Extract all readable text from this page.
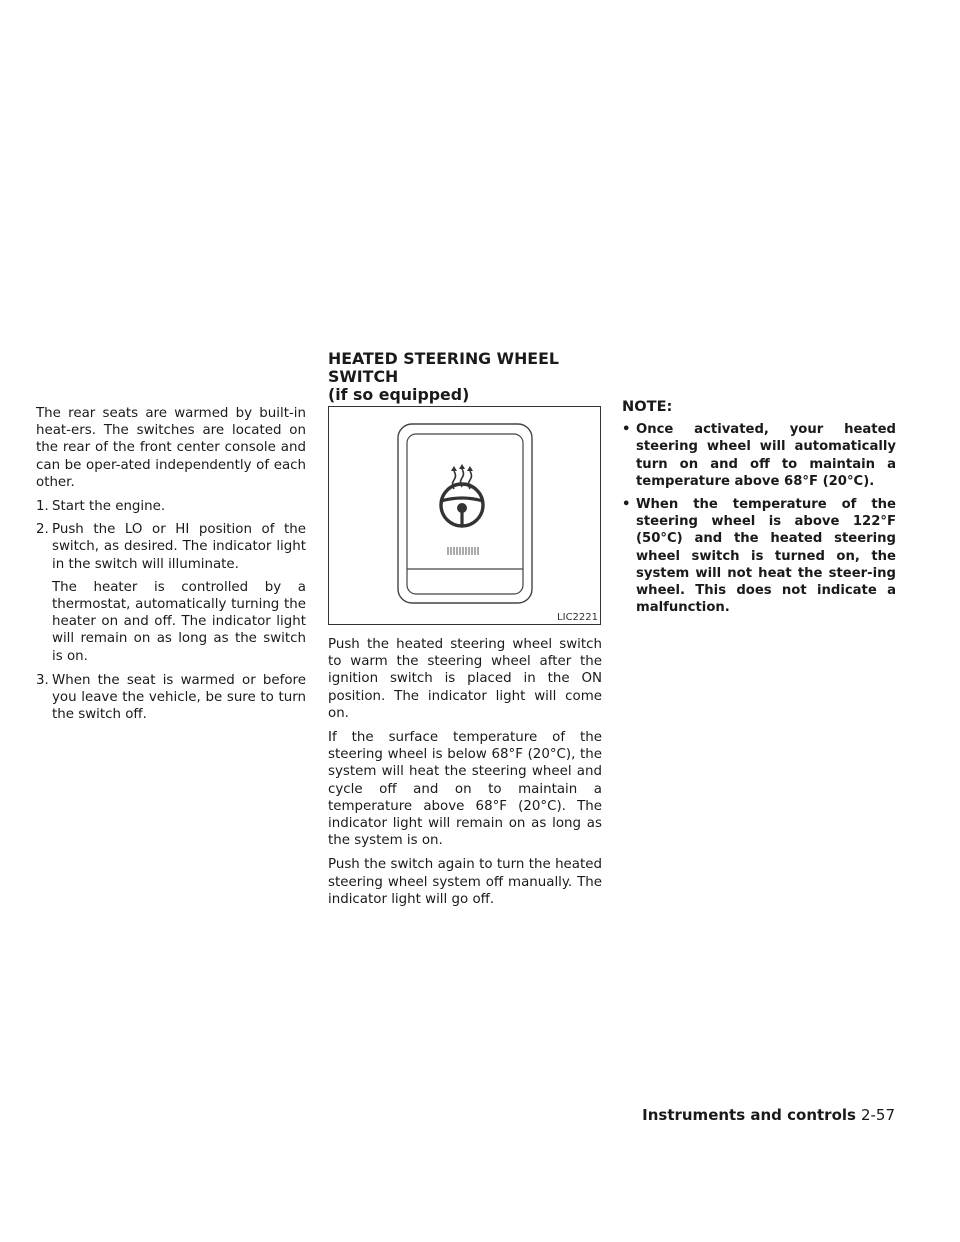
The rear seats are warmed by built-in heat-ers. The switches are located on the rear of the front center console and can be oper-ated independently of each other.

1. Start the engine.
2. Push the LO or HI position of the switch, as desired. The indicator light in the switch will illuminate.
The heater is controlled by a thermostat, automatically turning the heater on and off. The indicator light will remain on as long as the switch is on.
3. When the seat is warmed or before you leave the vehicle, be sure to turn the switch off.
HEATED STEERING WHEEL SWITCH
(if so equipped)
LIC2221

Push the heated steering wheel switch to warm the steering wheel after the ignition switch is placed in the ON position. The indicator light will come on.

If the surface temperature of the steering wheel is below 68°F (20°C), the system will heat the steering wheel and cycle off and on to maintain a temperature above 68°F (20°C). The indicator light will remain on as long as the system is on.

Push the switch again to turn the heated steering wheel system off manually. The indicator light will go off.

NOTE:
• Once activated, your heated steering wheel will automatically turn on and off to maintain a temperature above 68°F (20°C).
• When the temperature of the steering wheel is above 122°F (50°C) and the heated steering wheel switch is turned on, the system will not heat the steer-ing wheel. This does not indicate a malfunction.
Instruments and controls 2-57
